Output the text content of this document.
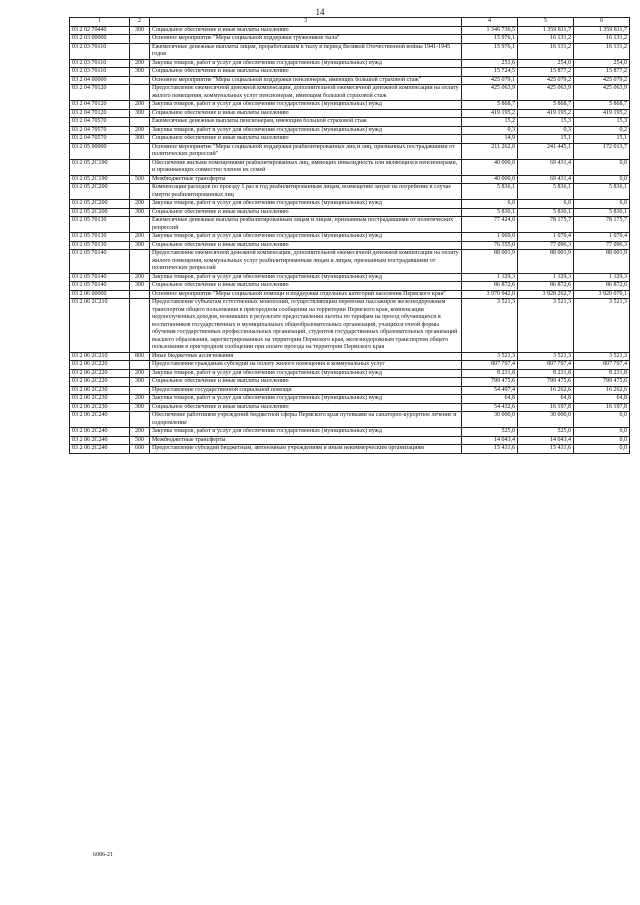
14
1	2	3	4	5	6
03 2 02 70440	300	Социальное обеспечение и иные выплаты населению	1 346 736,5	1 359 811,7	1 359 811,7
03 2 03 00000		Основное мероприятие "Меры социальной поддержки тружеников тыла"	15 976,1	16 131,2	16 131,2
03 2 03 70110		Ежемесячные денежные выплаты лицам, проработавшим в тылу в период Великой Отечественной войны 1941-1945 годов	15 976,1	16 131,2	16 131,2
03 2 03 70110	200	Закупка товаров, работ и услуг для обеспечения государственных (муниципальных) нужд	251,6	254,0	254,0
03 2 03 70110	300	Социальное обеспечение и иные выплаты населению	15 724,5	15 877,2	15 877,2
03 2 04 00000		Основное мероприятие "Меры социальной поддержки пенсионеров, имеющих большой страховой стаж"	425 079,1	425 079,2	425 079,2
03 2 04 70120		Предоставление ежемесячной денежной компенсации, дополнительной ежемесячной денежной компенсации на оплату жилого помещения, коммунальных услуг пенсионерам, имеющим большой страховой стаж	425 063,9	425 063,9	425 063,9
03 2 04 70120	200	Закупка товаров, работ и услуг для обеспечения государственных (муниципальных) нужд	5 868,7	5 868,7	5 868,7
03 2 04 70120	300	Социальное обеспечение и иные выплаты населению	419 195,2	419 195,2	419 195,2
03 2 04 70570		Ежемесячные денежные выплаты пенсионерам, имеющим большой страховой стаж	15,2	15,3	15,3
03 2 04 70570	200	Закупка товаров, работ и услуг для обеспечения государственных (муниципальных) нужд	0,3	0,3	0,2
03 2 04 70570	300	Социальное обеспечение и иные выплаты населению	14,9	15,1	15,1
03 2 05 00000		Основное мероприятие "Меры социальной поддержки реабилитированных лиц и лиц, признанных пострадавшими от политических репрессий"	211 262,0	241 445,1	172 013,7
03 2 05 2C190		Обеспечение жильми помещениями реабилитированных лиц, имеющих инвалидность или являющихся пенсионерами, и проживающих совместно членов их семей	40 000,0	69 431,4	0,0
03 2 05 2C190	500	Межбюджетные трансферты	40 000,0	69 431,4	0,0
03 2 05 2C200		Компенсация расходов по проезду 1 раз в год реабилитированным лицам, возмещение затрат на погребение в случае смерти реабилитированных лиц	5 836,1	5 836,1	5 836,1
03 2 05 2C200	200	Закупка товаров, работ и услуг для обеспечения государственных (муниципальных) нужд	6,0	6,0	6,0
03 2 05 2C200	300	Социальное обеспечение и иные выплаты населению	5 830,1	5 830,1	5 830,1
03 2 05 70130		Ежемесячные денежные выплаты реабилитированным лицам и лицам, признанным пострадавшими от политических репрессий	77 424,0	78 175,7	78 175,7
03 2 05 70130	200	Закупка товаров, работ и услуг для обеспечения государственных (муниципальных) нужд	1 069,0	1 079,4	1 079,4
03 2 05 70130	300	Социальное обеспечение и иные выплаты населению	76 355,0	77 096,3	77 096,3
03 2 05 70140		Предоставление ежемесячной денежной компенсации, дополнительной ежемесячной денежной компенсации на оплату жилого помещения, коммунальных услуг реабилитированным лицам и лицам, признанным пострадавшими от политических репрессий	88 001,9	88 001,9	88 001,9
03 2 05 70140	200	Закупка товаров, работ и услуг для обеспечения государственных (муниципальных) нужд	1 129,3	1 129,3	1 129,3
03 2 05 70140	300	Социальное обеспечение и иные выплаты населению	86 872,6	86 872,6	86 872,6
03 2 06 00000		Основное мероприятие "Меры социальной помощи и поддержки отдельных категорий населения Пермского края"	3 970 942,0	3 928 262,7	3 920 070,1
03 2 06 2C210		Предоставление субъектам естественных монополий, осуществляющим перевозки пассажиров железнодорожным транспортом общего пользования в пригородном сообщении на территории Пермского края, компенсации недополученных доходов, возникших в результате предоставления льготы по тарифам на проезд обучающихся и воспитанников государственных и муниципальных общеобразовательных организаций, учащихся очной формы обучения государственных профессиональных организаций, студентов государственных образовательных организаций высшего образования, зарегистрированных на территории Пермского края, железнодорожным транспортом общего пользования в пригородном сообщении при оплате проезда на территории Пермского края	3 521,3	3 521,3	3 521,3
03 2 06 2C210	800	Иные бюджетные ассигнования	3 521,3	3 521,3	3 521,3
03 2 06 2C220		Предоставление гражданам субсидий на оплату жилого помещения и коммунальных услуг	807 707,4	807 707,4	807 707,4
03 2 06 2C220	200	Закупка товаров, работ и услуг для обеспечения государственных (муниципальных) нужд	8 231,8	8 231,8	8 231,8
03 2 06 2C220	300	Социальное обеспечение и иные выплаты населению	799 475,6	799 475,6	799 475,6
03 2 06 2C230		Предоставление государственной социальной помощи	54 497,4	16 262,6	16 262,6
03 2 06 2C230	200	Закупка товаров, работ и услуг для обеспечения государственных (муниципальных) нужд	64,8	64,8	64,8
03 2 06 2C230	300	Социальное обеспечение и иные выплаты населению	54 432,6	16 197,8	16 197,8
03 2 06 2C240		Обеспечение работников учреждений бюджетной сферы Пермского края путевками на санаторно-курортное лечение и оздоровление	30 000,0	30 000,0	0,0
03 2 06 2C240	200	Закупка товаров, работ и услуг для обеспечения государственных (муниципальных) нужд	525,0	525,0	0,0
03 2 06 2C240	500	Межбюджетные трансферты	14 043,4	14 043,4	0,0
03 2 06 2C240	600	Предоставление субсидий бюджетным, автономным учреждениям и иным некоммерческим организациям	15 431,6	15 431,6	0,0
6086-21
